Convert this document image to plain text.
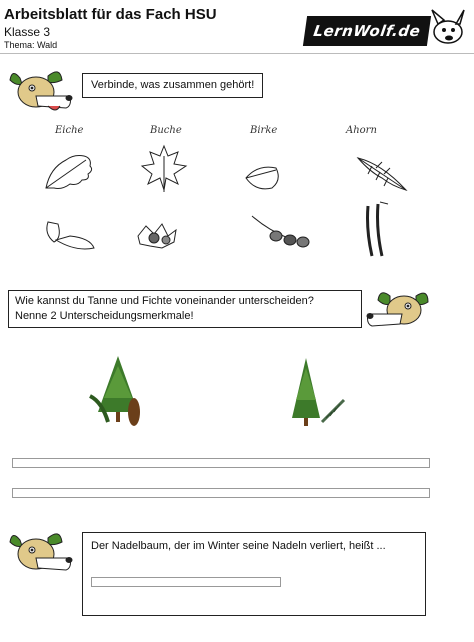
Arbeitsblatt für das Fach HSU
Klasse 3
Thema: Wald
LernWolf.de
Verbinde, was zusammen gehört!
Eiche	Buche	Birke	Ahorn
Wie kannst du Tanne und Fichte voneinander unterscheiden?
Nenne 2 Unterscheidungsmerkmale!
Der Nadelbaum, der im Winter seine Nadeln verliert, heißt ...
